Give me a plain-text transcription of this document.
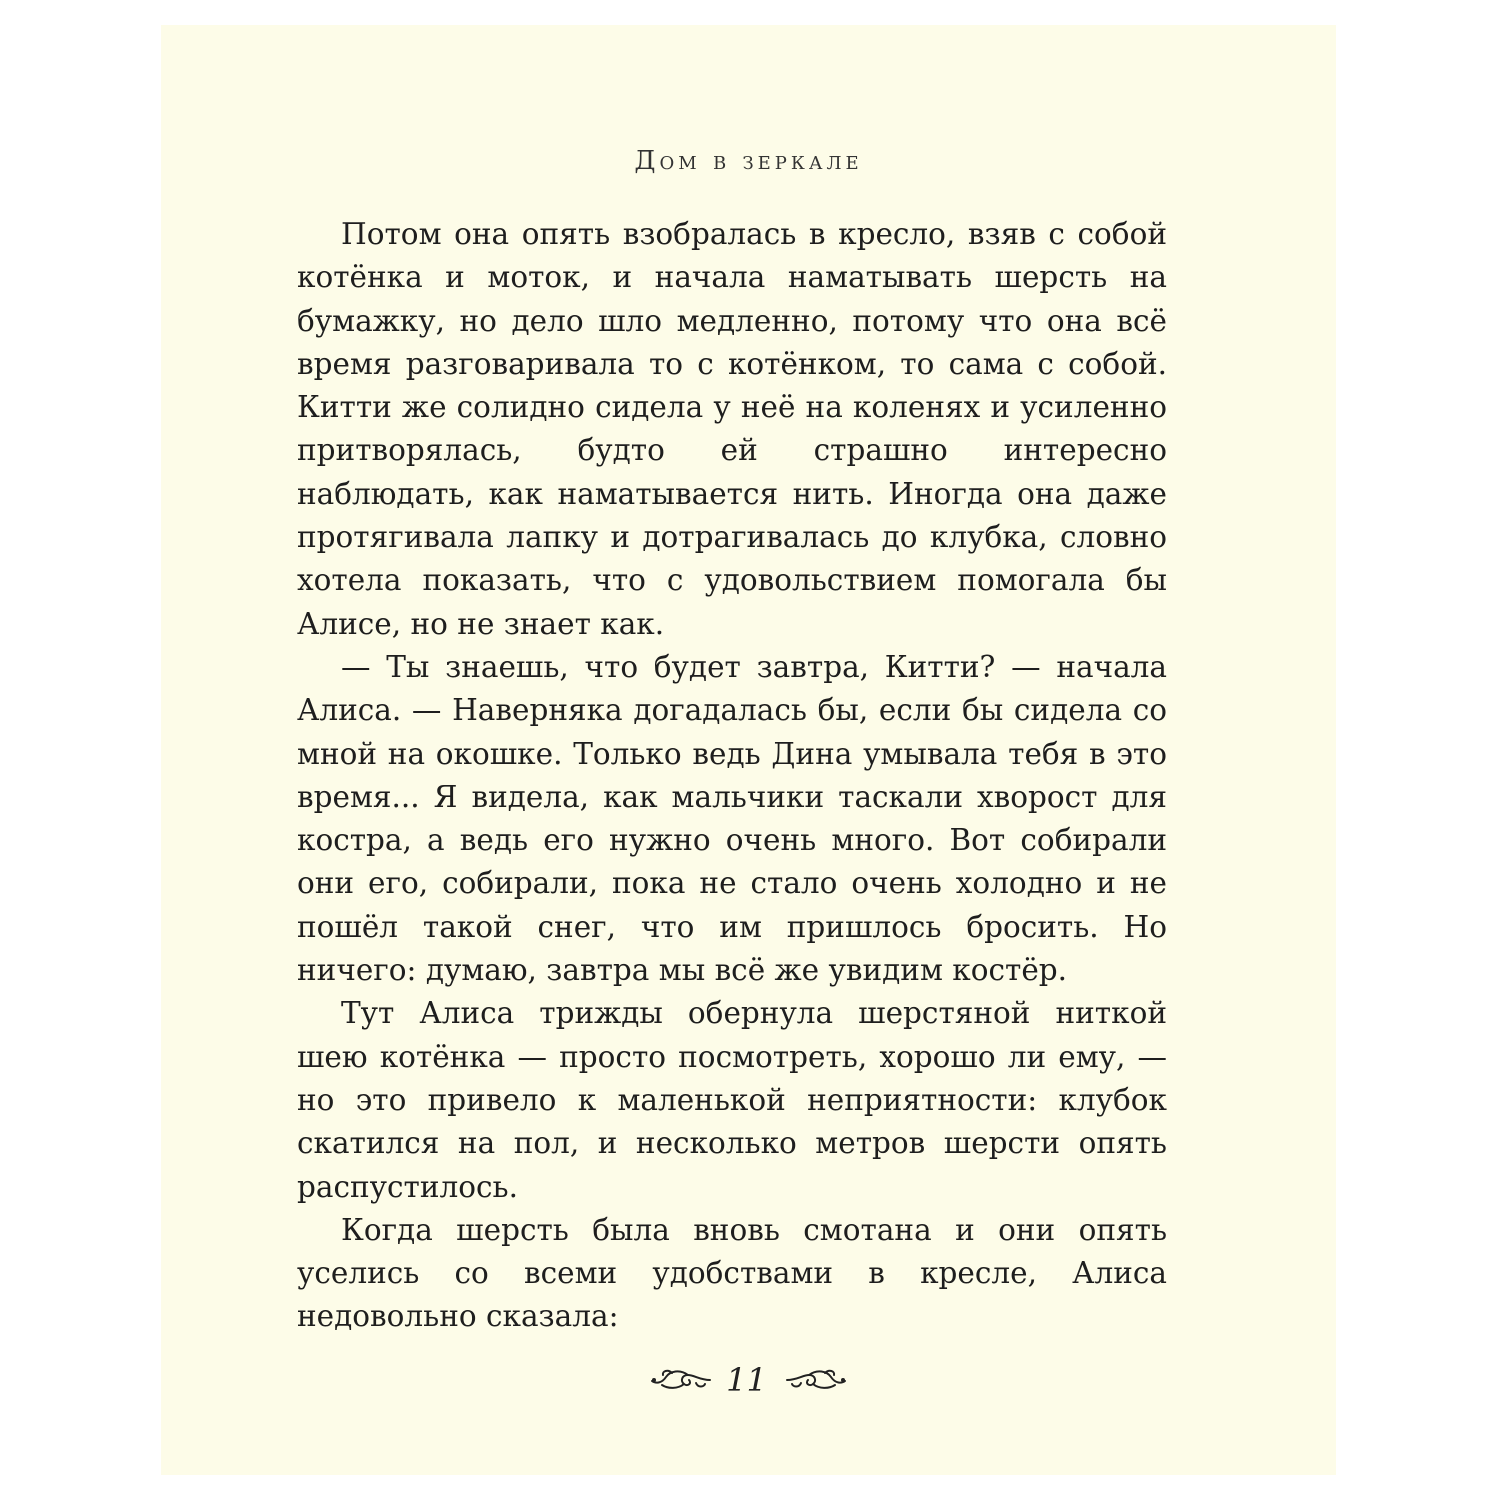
Дом в зеркале

Потом она опять взобралась в кресло, взяв с собой котёнка и моток, и начала наматывать шерсть на бумажку, но дело шло медленно, потому что она всё время разговаривала то с котёнком, то сама с собой. Китти же солидно сидела у неё на коленях и усиленно притворялась, будто ей страшно интересно наблюдать, как наматывается нить. Иногда она даже протягивала лапку и дотрагивалась до клубка, словно хотела показать, что с удовольствием помогала бы Алисе, но не знает как.

— Ты знаешь, что будет завтра, Китти? — начала Алиса. — Наверняка догадалась бы, если бы сидела со мной на окошке. Только ведь Дина умывала тебя в это время... Я видела, как мальчики таскали хворост для костра, а ведь его нужно очень много. Вот собирали они его, собирали, пока не стало очень холодно и не пошёл такой снег, что им пришлось бросить. Но ничего: думаю, завтра мы всё же увидим костёр.

Тут Алиса трижды обернула шерстяной ниткой шею котёнка — просто посмотреть, хорошо ли ему, — но это привело к маленькой неприятности: клубок скатился на пол, и несколько метров шерсти опять распустилось.

Когда шерсть была вновь смотана и они опять уселись со всеми удобствами в кресле, Алиса недовольно сказала:

11
